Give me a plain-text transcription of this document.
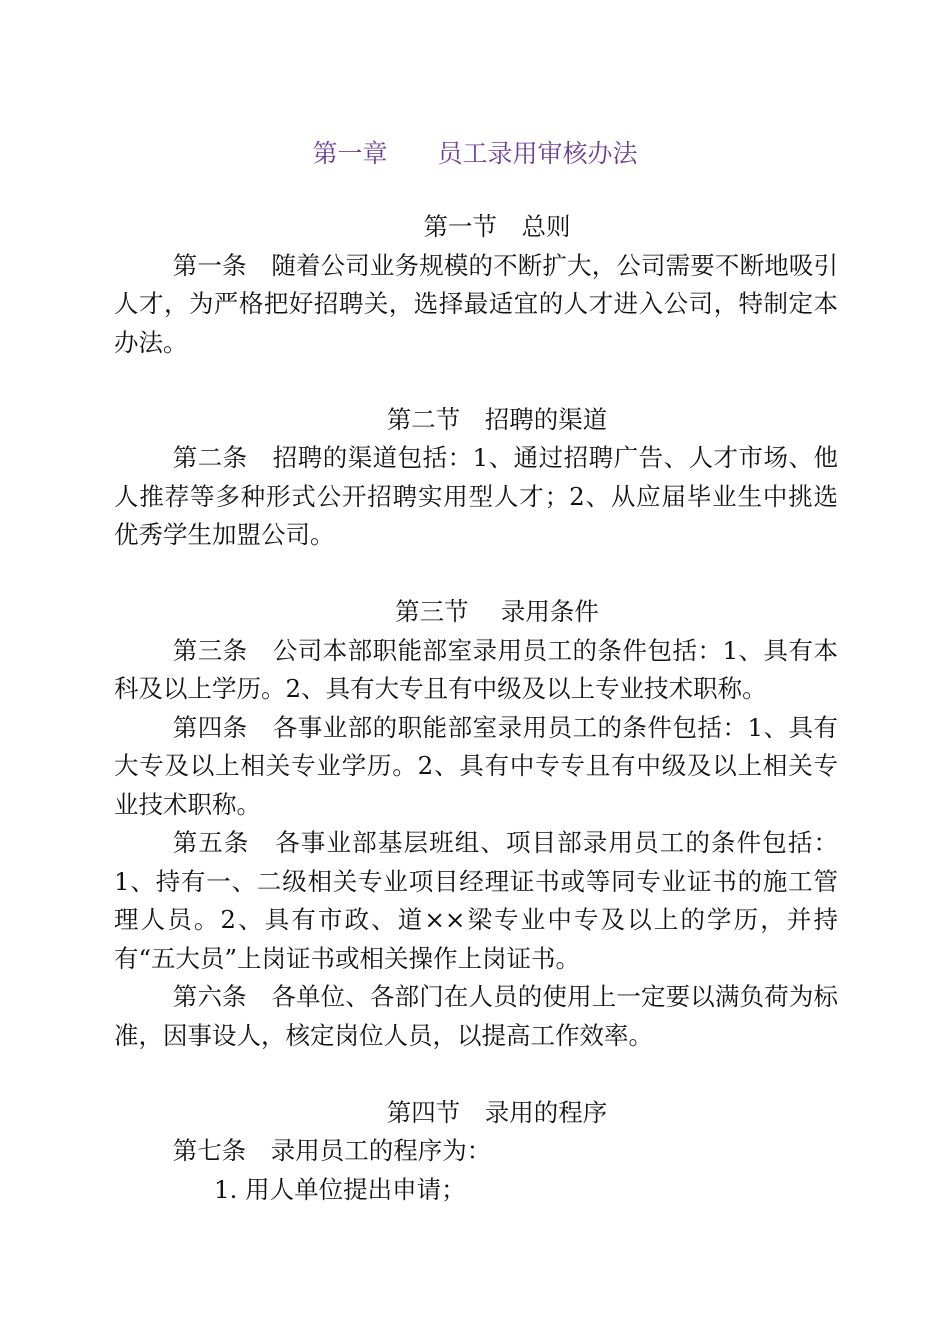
第一章　　员工录用审核办法
第一节　总则

第一条　随着公司业务规模的不断扩大，公司需要不断地吸引人才，为严格把好招聘关，选择最适宜的人才进入公司，特制定本办法。

第二节　招聘的渠道

第二条　招聘的渠道包括：1、通过招聘广告、人才市场、他人推荐等多种形式公开招聘实用型人才；2、从应届毕业生中挑选优秀学生加盟公司。

第三节　 录用条件

第三条　公司本部职能部室录用员工的条件包括：1、具有本科及以上学历。2、具有大专且有中级及以上专业技术职称。

第四条　各事业部的职能部室录用员工的条件包括：1、具有大专及以上相关专业学历。2、具有中专专且有中级及以上相关专业技术职称。

第五条　各事业部基层班组、项目部录用员工的条件包括：1、持有一、二级相关专业项目经理证书或等同专业证书的施工管理人员。2、具有市政、道××梁专业中专及以上的学历，并持有“五大员”上岗证书或相关操作上岗证书。

第六条　各单位、各部门在人员的使用上一定要以满负荷为标准，因事设人，核定岗位人员，以提高工作效率。

第四节　录用的程序

第七条　录用员工的程序为：

1. 用人单位提出申请；
